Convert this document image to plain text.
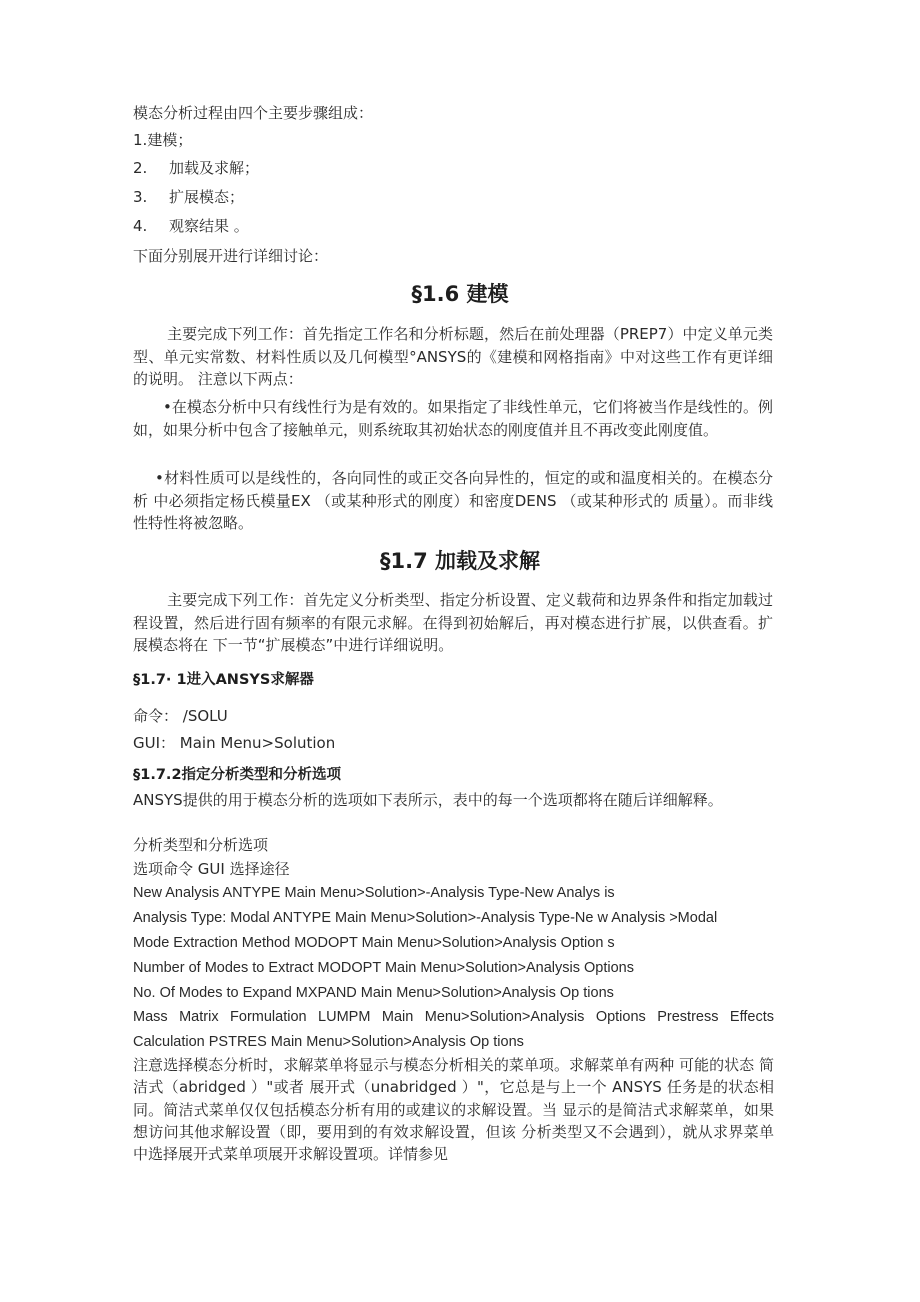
模态分析过程由四个主要步骤组成：
1.建模；
2. 加载及求解；
3. 扩展模态；
4. 观察结果 。
下面分别展开进行详细讨论：
§1.6 建模
主要完成下列工作：首先指定工作名和分析标题，然后在前处理器（PREP7）中定义单元类型、单元实常数、材料性质以及几何模型°ANSYS的《建模和网格指南》中对这些工作有更详细的说明。 注意以下两点：
•在模态分析中只有线性行为是有效的。如果指定了非线性单元，它们将被当作是线性的。例如，如果分析中包含了接触单元，则系统取其初始状态的刚度值并且不再改变此刚度值。
•材料性质可以是线性的，各向同性的或正交各向异性的，恒定的或和温度相关的。在模态分析 中必须指定杨氏模量EX （或某种形式的刚度）和密度DENS （或某种形式的 质量）。而非线性特性将被忽略。
§1.7 加载及求解
主要完成下列工作：首先定义分析类型、指定分析设置、定义载荷和边界条件和指定加载过程设置，然后进行固有频率的有限元求解。在得到初始解后，再对模态进行扩展，以供查看。扩展模态将在 下一节“扩展模态”中进行详细说明。
§1.7· 1进入ANSYS求解器
命令： /SOLU
GUI： Main Menu>Solution
§1.7.2指定分析类型和分析选项
ANSYS提供的用于模态分析的选项如下表所示，表中的每一个选项都将在随后详细解释。
分析类型和分析选项
选项命令 GUI 选择途径
New Analysis ANTYPE Main Menu>Solution>-Analysis Type-New Analys is
Analysis Type: Modal ANTYPE Main Menu>Solution>-Analysis Type-Ne w Analysis >Modal
Mode Extraction Method MODOPT Main Menu>Solution>Analysis Option s
Number of Modes to Extract MODOPT Main Menu>Solution>Analysis Options
No. Of Modes to Expand MXPAND Main Menu>Solution>Analysis Op tions
Mass Matrix Formulation LUMPM Main Menu>Solution>Analysis Options Prestress Effects Calculation PSTRES Main Menu>Solution>Analysis Op tions
注意选择模态分析时，求解菜单将显示与模态分析相关的菜单项。求解菜单有两种 可能的状态 简洁式（abridged ）"或者 展开式（unabridged ）"，它总是与上一个 ANSYS 任务是的状态相同。简洁式菜单仅仅包括模态分析有用的或建议的求解设置。当 显示的是简洁式求解菜单，如果想访问其他求解设置（即，要用到的有效求解设置，但该 分析类型又不会遇到），就从求界菜单中选择展开式菜单项展开求解设置项。详情参见
